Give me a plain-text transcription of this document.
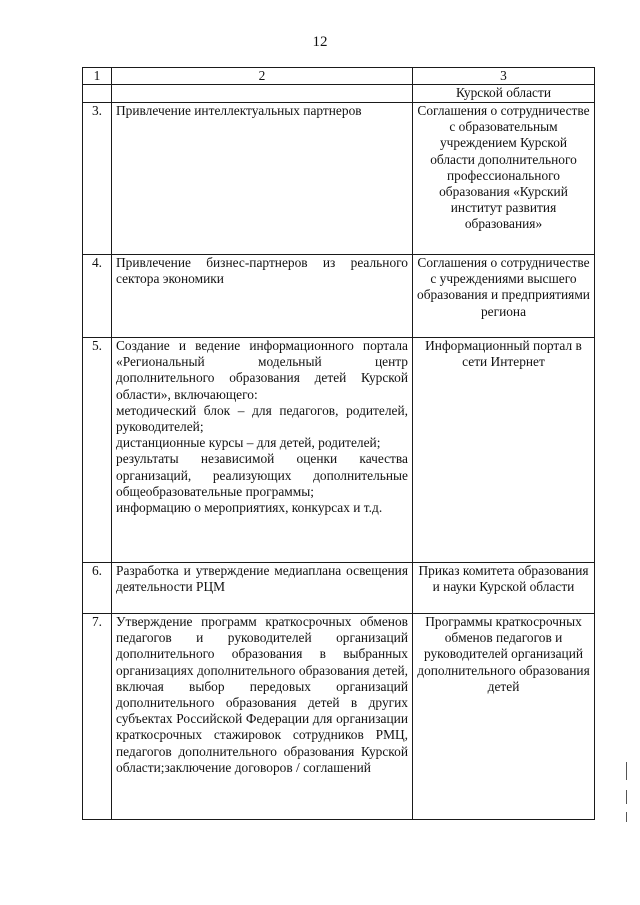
12
1	2	3
		Курской области
3.	Привлечение интеллектуальных партнеров	Соглашения о сотрудничестве с образовательным учреждением Курской области дополнительного профессионального образования «Курский институт развития образования»
4.	Привлечение бизнес-партнеров из реального сектора экономики	Соглашения о сотрудничестве с учреждениями высшего образования и предприятиями региона
5.	Создание и ведение информационного портала «Региональный модельный центр дополнительного образования детей Курской области», включающего:
методический блок – для педагогов, родителей, руководителей;
дистанционные курсы – для детей, родителей;
результаты независимой оценки качества организаций, реализующих дополнительные общеобразовательные программы;
информацию о мероприятиях, конкурсах и т.д.	Информационный портал в сети Интернет
6.	Разработка и утверждение медиаплана освещения деятельности РЦМ	Приказ комитета образования и науки Курской области
7.	Утверждение программ краткосрочных обменов педагогов и руководителей организаций дополнительного образования в выбранных организациях дополнительного образования детей, включая выбор передовых организаций дополнительного образования детей в других субъектах Российской Федерации для организации краткосрочных стажировок сотрудников РМЦ, педагогов дополнительного образования Курской области;заключение договоров / соглашений	Программы краткосрочных обменов педагогов и руководителей организаций дополнительного образования детей
